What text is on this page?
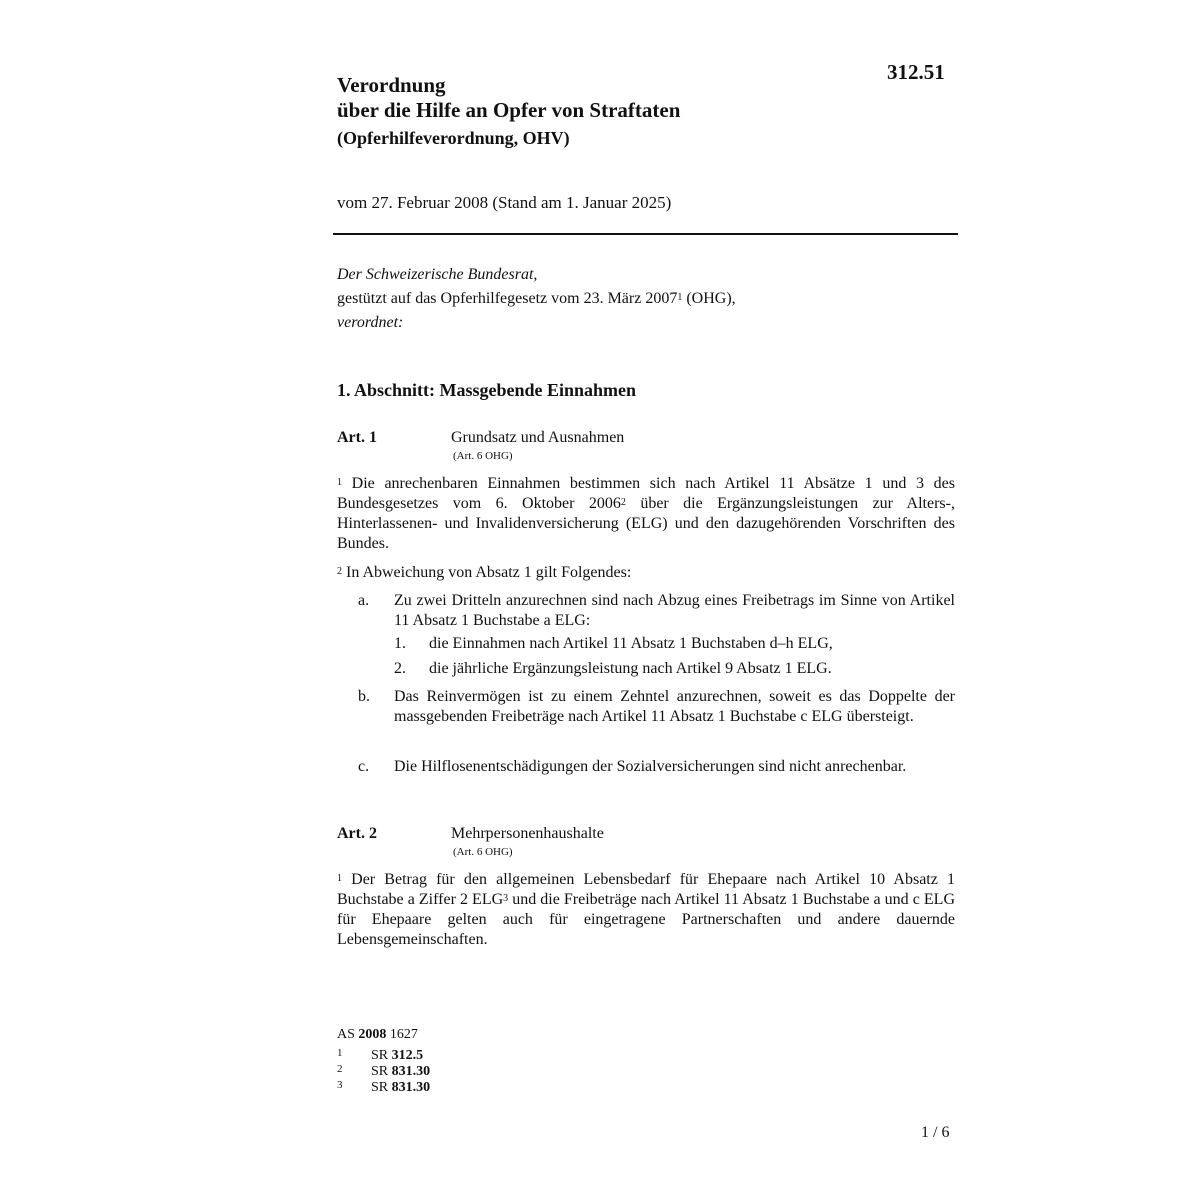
312.51
Verordnung
über die Hilfe an Opfer von Straftaten
(Opferhilfeverordnung, OHV)
vom 27. Februar 2008 (Stand am 1. Januar 2025)
Der Schweizerische Bundesrat,
gestützt auf das Opferhilfegesetz vom 23. März 2007$^1$ (OHG),
verordnet:
1. Abschnitt: Massgebende Einnahmen
Art. 1	Grundsatz und Ausnahmen
(Art. 6 OHG)
$^1$ Die anrechenbaren Einnahmen bestimmen sich nach Artikel 11 Absätze 1 und 3 des Bundesgesetzes vom 6. Oktober 2006$^2$ über die Ergänzungsleistungen zur Alters-, Hinterlassenen- und Invalidenversicherung (ELG) und den dazugehörenden Vorschriften des Bundes.
$^2$ In Abweichung von Absatz 1 gilt Folgendes:
a. Zu zwei Dritteln anzurechnen sind nach Abzug eines Freibetrags im Sinne von Artikel 11 Absatz 1 Buchstabe a ELG:
1. die Einnahmen nach Artikel 11 Absatz 1 Buchstaben d–h ELG,
2. die jährliche Ergänzungsleistung nach Artikel 9 Absatz 1 ELG.
b. Das Reinvermögen ist zu einem Zehntel anzurechnen, soweit es das Doppelte der massgebenden Freibeträge nach Artikel 11 Absatz 1 Buchstabe c ELG übersteigt.
c. Die Hilflosenentschädigungen der Sozialversicherungen sind nicht anrechenbar.
Art. 2	Mehrpersonenhaushalte
(Art. 6 OHG)
$^1$ Der Betrag für den allgemeinen Lebensbedarf für Ehepaare nach Artikel 10 Absatz 1 Buchstabe a Ziffer 2 ELG$^3$ und die Freibeträge nach Artikel 11 Absatz 1 Buchstabe a und c ELG für Ehepaare gelten auch für eingetragene Partnerschaften und andere dauernde Lebensgemeinschaften.
AS 2008 1627
1 SR 312.5
2 SR 831.30
3 SR 831.30
1 / 6
